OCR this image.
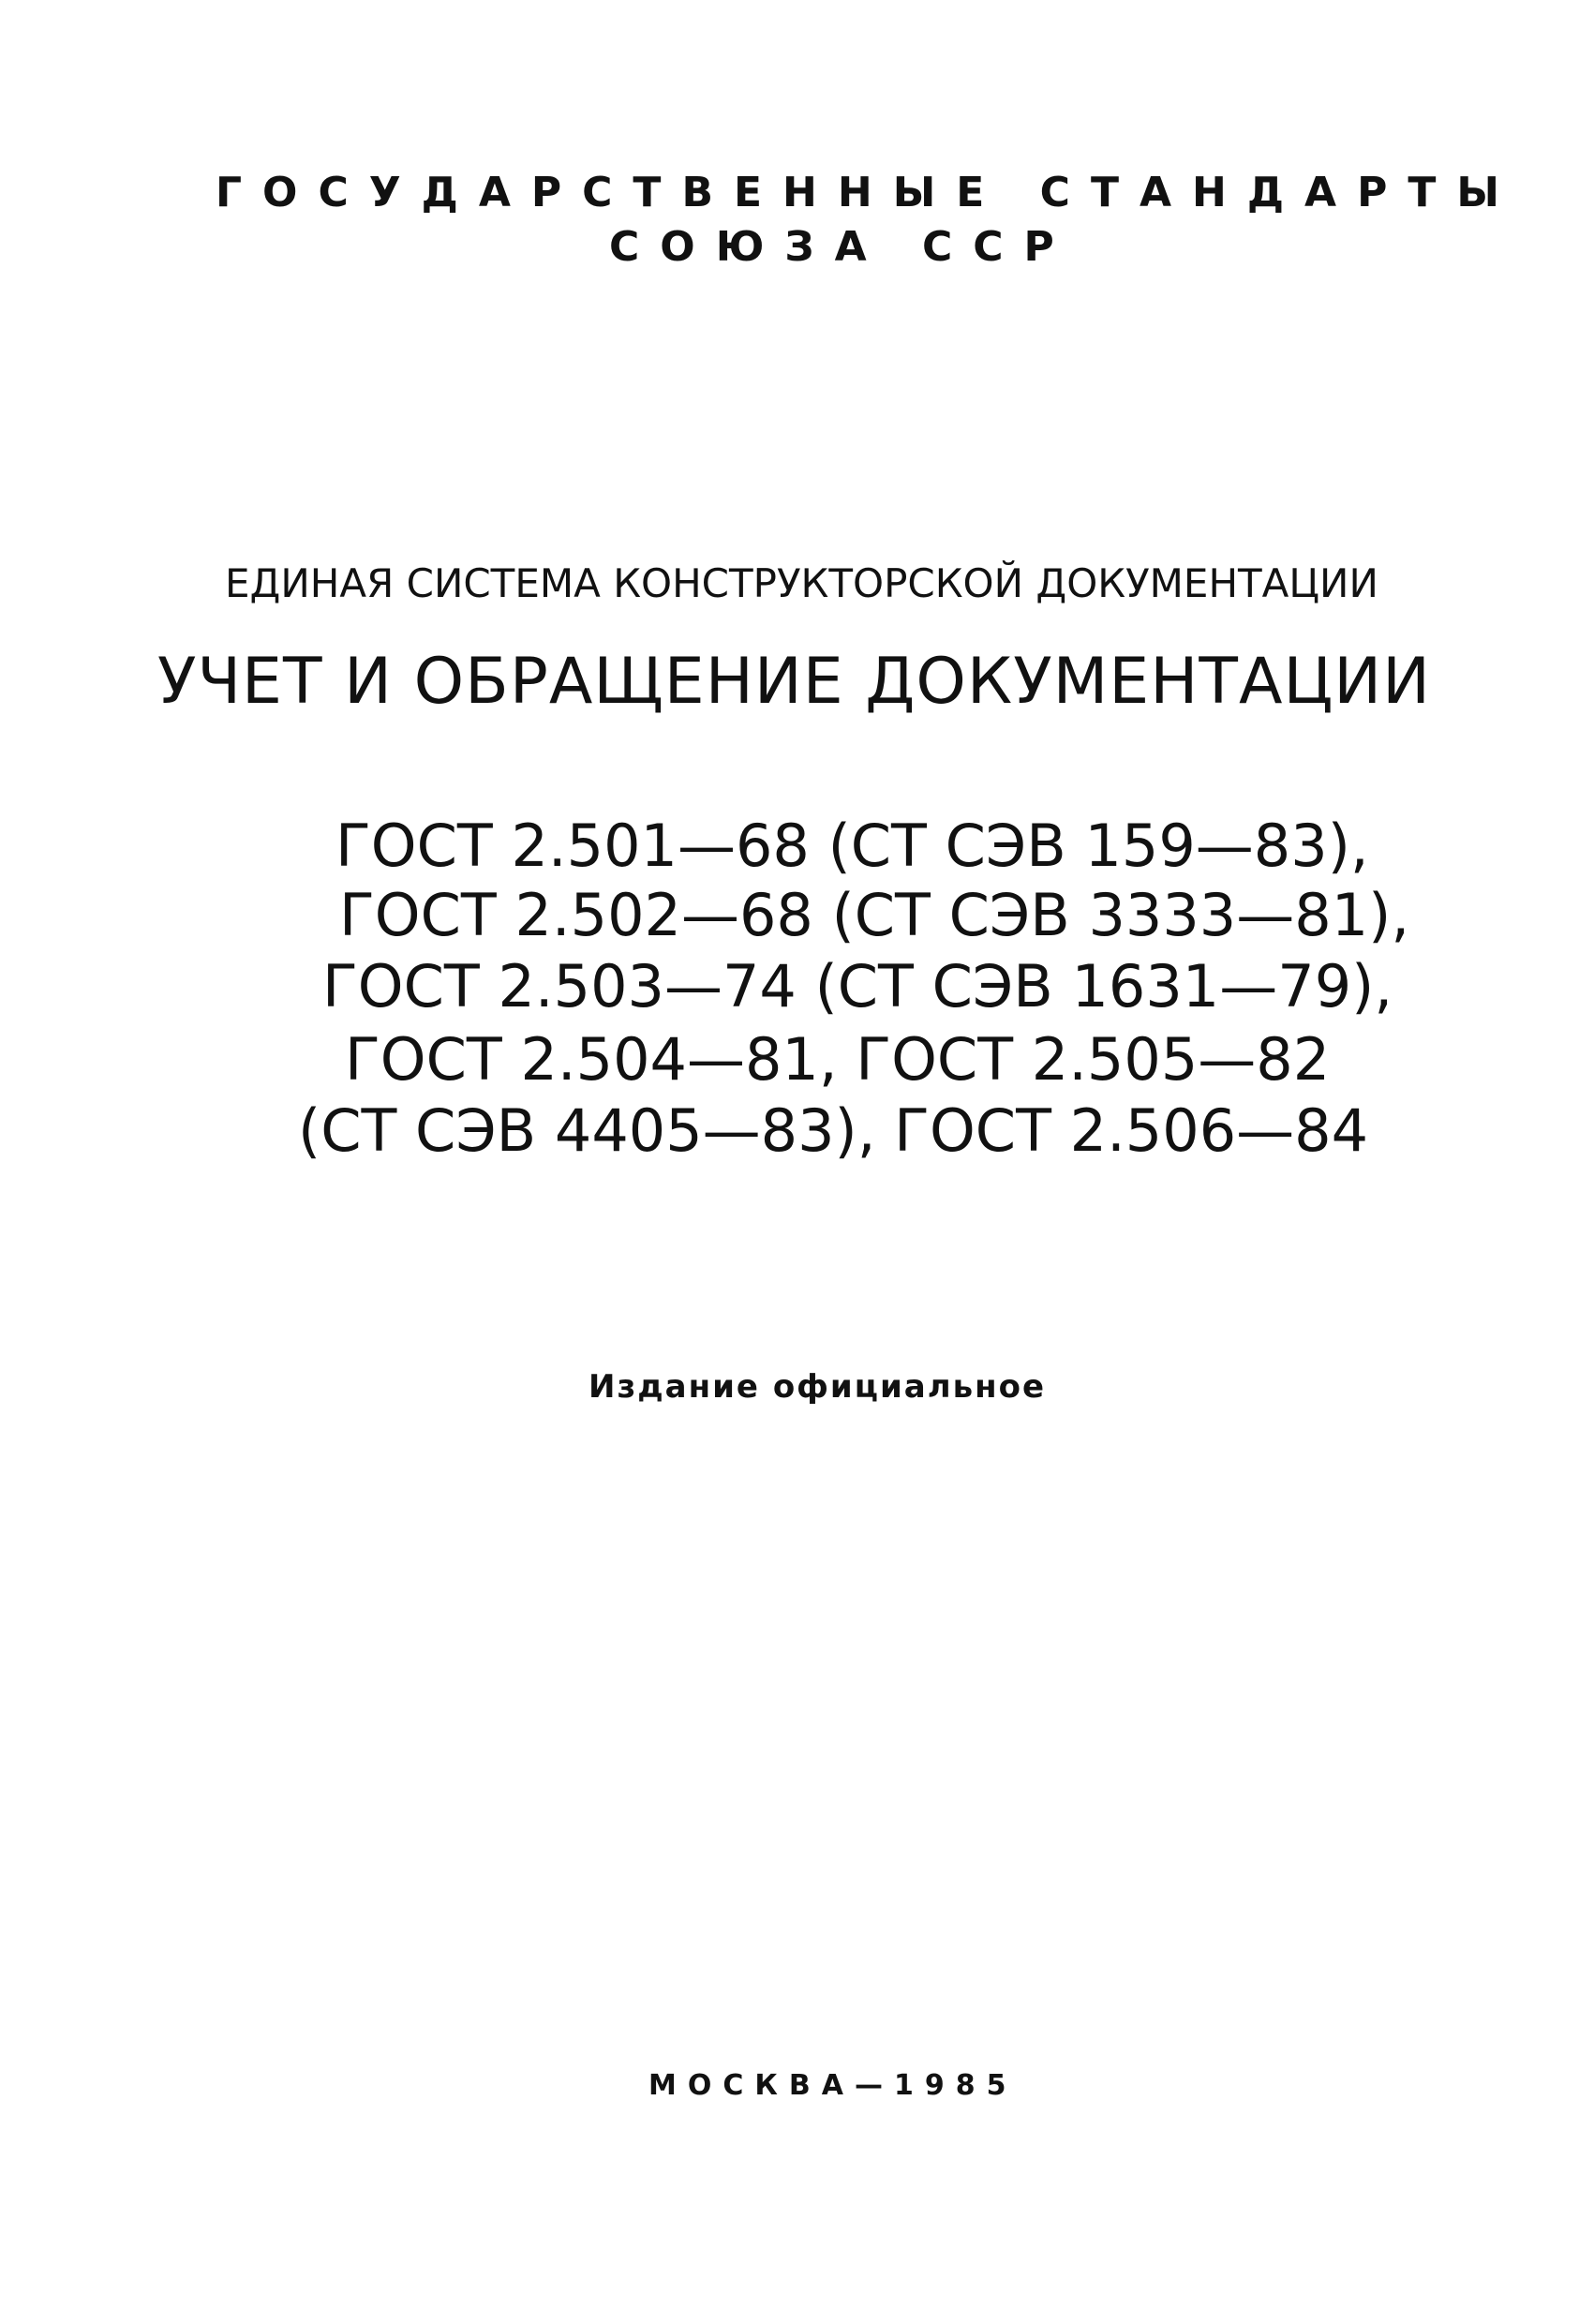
ГОСУДАРСТВЕННЫЕ СТАНДАРТЫ
СОЮЗА ССР
ЕДИНАЯ СИСТЕМА КОНСТРУКТОРСКОЙ ДОКУМЕНТАЦИИ
УЧЕТ И ОБРАЩЕНИЕ ДОКУМЕНТАЦИИ
ГОСТ 2.501—68 (СТ СЭВ 159—83),
ГОСТ 2.502—68 (СТ СЭВ 3333—81),
ГОСТ 2.503—74 (СТ СЭВ 1631—79),
ГОСТ 2.504—81, ГОСТ 2.505—82
(СТ СЭВ 4405—83), ГОСТ 2.506—84
Издание официальное
МОСКВА—1985
